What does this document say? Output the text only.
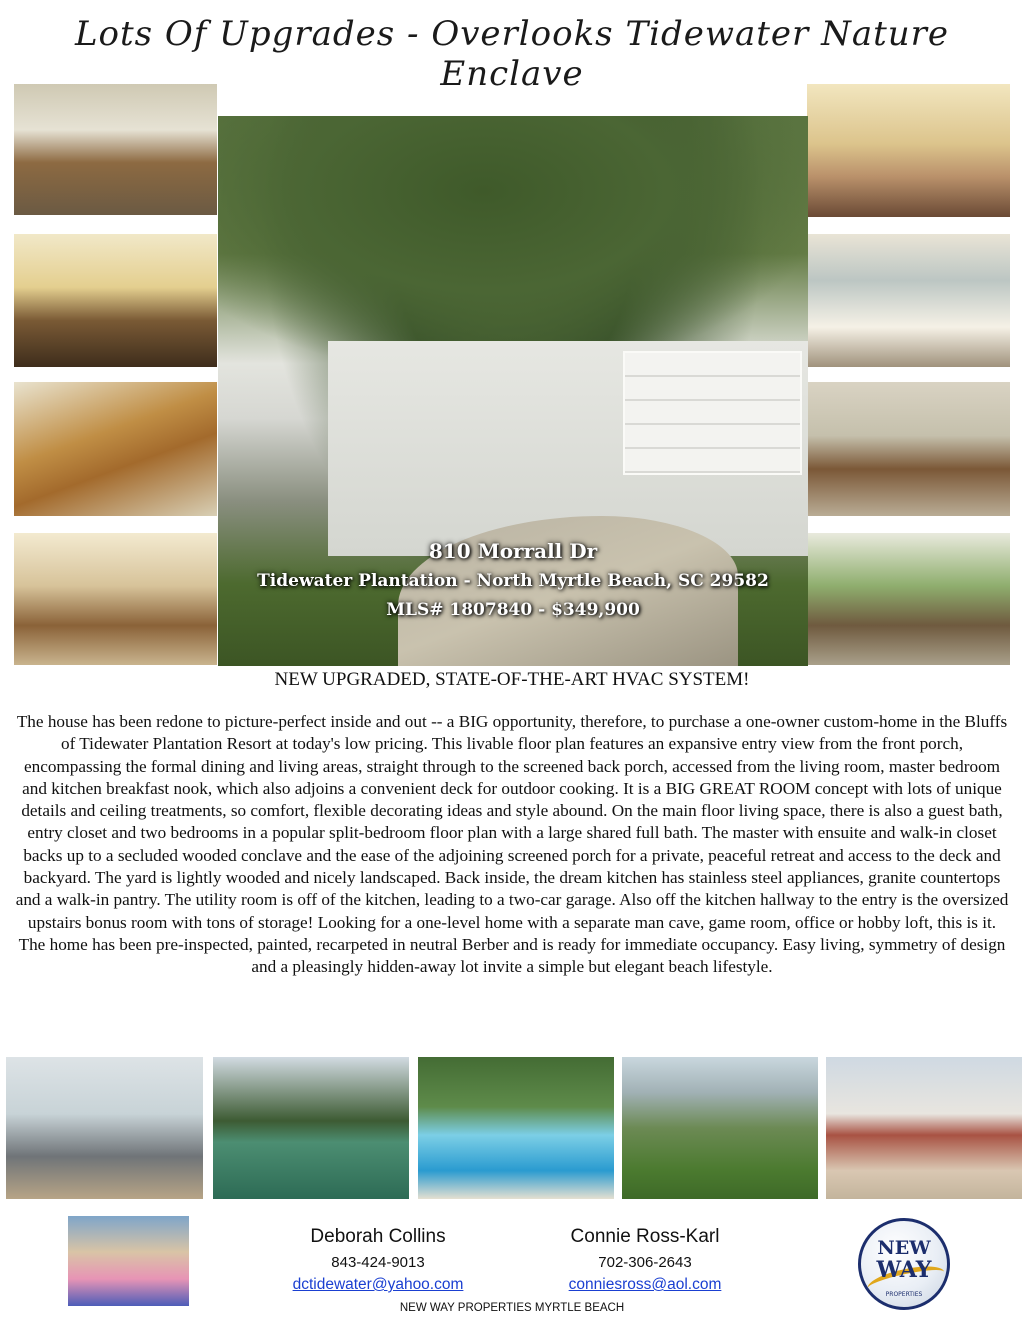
Lots Of Upgrades - Overlooks Tidewater Nature Enclave
810 Morrall Dr
Tidewater Plantation - North Myrtle Beach, SC 29582
MLS# 1807840 - $349,900
NEW UPGRADED, STATE-OF-THE-ART HVAC SYSTEM!
The house has been redone to picture-perfect inside and out -- a BIG opportunity, therefore, to purchase a one-owner custom-home in the Bluffs of Tidewater Plantation Resort at today's low pricing. This livable floor plan features an expansive entry view from the front porch, encompassing the formal dining and living areas, straight through to the screened back porch, accessed from the living room, master bedroom and kitchen breakfast nook, which also adjoins a convenient deck for outdoor cooking. It is a BIG GREAT ROOM concept with lots of unique details and ceiling treatments, so comfort, flexible decorating ideas and style abound. On the main floor living space, there is also a guest bath, entry closet and two bedrooms in a popular split-bedroom floor plan with a large shared full bath. The master with ensuite and walk-in closet backs up to a secluded wooded conclave and the ease of the adjoining screened porch for a private, peaceful retreat and access to the deck and backyard. The yard is lightly wooded and nicely landscaped. Back inside, the dream kitchen has stainless steel appliances, granite countertops and a walk-in pantry. The utility room is off of the kitchen, leading to a two-car garage. Also off the kitchen hallway to the entry is the oversized upstairs bonus room with tons of storage! Looking for a one-level home with a separate man cave, game room, office or hobby loft, this is it. The home has been pre-inspected, painted, recarpeted in neutral Berber and is ready for immediate occupancy. Easy living, symmetry of design and a pleasingly hidden-away lot invite a simple but elegant beach lifestyle.
Deborah Collins
843-424-9013
dctidewater@yahoo.com
Connie Ross-Karl
702-306-2643
conniesross@aol.com
NEW
WAY
PROPERTIES
NEW WAY PROPERTIES MYRTLE BEACH
